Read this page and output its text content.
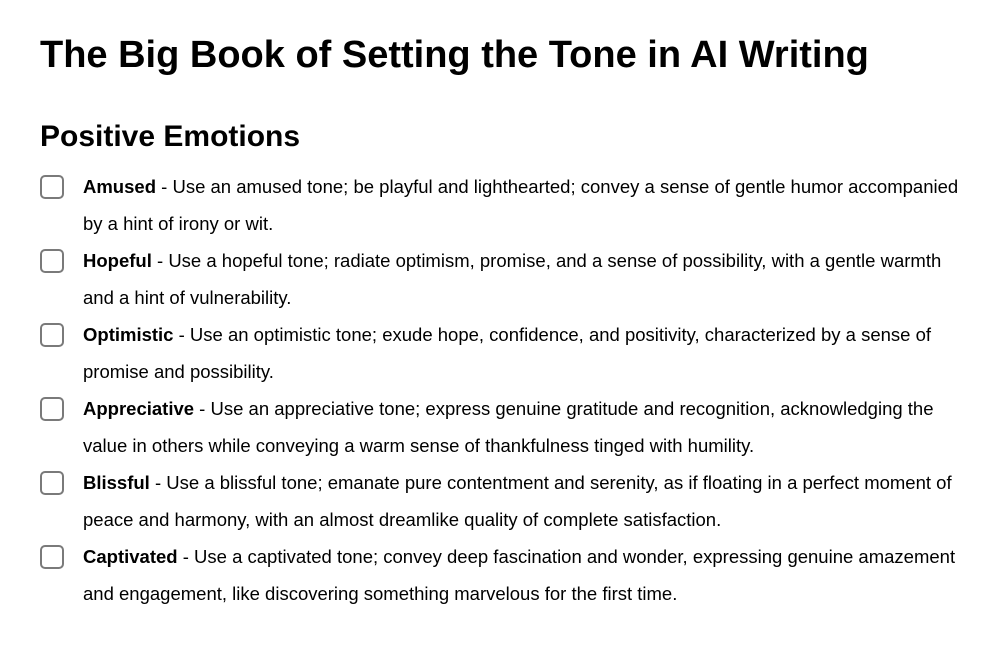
The Big Book of Setting the Tone in AI Writing
Positive Emotions
Amused - Use an amused tone; be playful and lighthearted; convey a sense of gentle humor accompanied by a hint of irony or wit.
Hopeful - Use a hopeful tone; radiate optimism, promise, and a sense of possibility, with a gentle warmth and a hint of vulnerability.
Optimistic - Use an optimistic tone; exude hope, confidence, and positivity, characterized by a sense of promise and possibility.
Appreciative - Use an appreciative tone; express genuine gratitude and recognition, acknowledging the value in others while conveying a warm sense of thankfulness tinged with humility.
Blissful - Use a blissful tone; emanate pure contentment and serenity, as if floating in a perfect moment of peace and harmony, with an almost dreamlike quality of complete satisfaction.
Captivated - Use a captivated tone; convey deep fascination and wonder, expressing genuine amazement and engagement, like discovering something marvelous for the first time.
